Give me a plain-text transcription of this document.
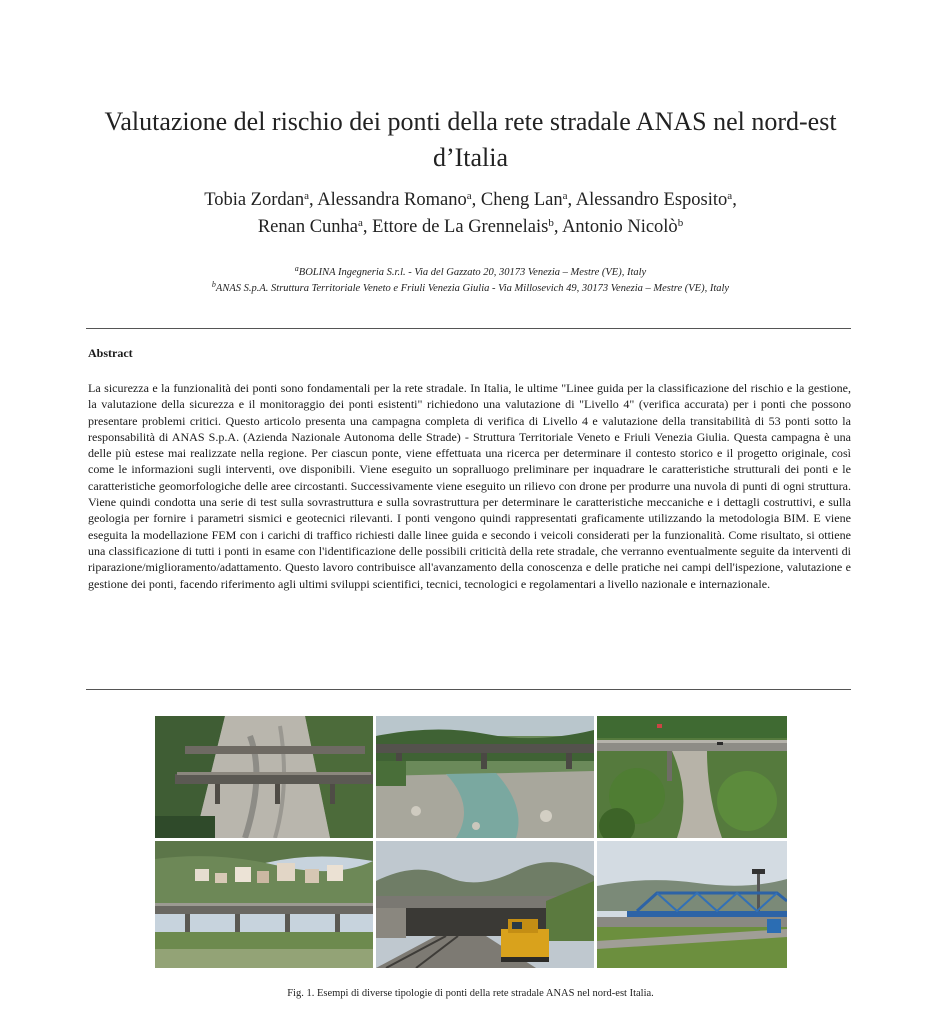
Valutazione del rischio dei ponti della rete stradale ANAS nel nord-est d’Italia
Tobia Zordan$^a$, Alessandra Romano$^a$, Cheng Lan$^a$, Alessandro Esposito$^a$,
Renan Cunha$^a$, Ettore de La Grennelais$^b$, Antonio Nicolò$^b$
$^a$BOLINA Ingegneria S.r.l. - Via del Gazzato 20, 30173 Venezia – Mestre (VE), Italy
$^b$ANAS S.p.A. Struttura Territoriale Veneto e Friuli Venezia Giulia - Via Millosevich 49, 30173 Venezia – Mestre (VE), Italy
Abstract
La sicurezza e la funzionalità dei ponti sono fondamentali per la rete stradale. In Italia, le ultime "Linee guida per la classificazione del rischio e la gestione, la valutazione della sicurezza e il monitoraggio dei ponti esistenti" richiedono una valutazione di "Livello 4" (verifica accurata) per i ponti che possono presentare problemi critici. Questo articolo presenta una campagna completa di verifica di Livello 4 e valutazione della transitabilità di 53 ponti sotto la responsabilità di ANAS S.p.A. (Azienda Nazionale Autonoma delle Strade) - Struttura Territoriale Veneto e Friuli Venezia Giulia. Questa campagna è una delle più estese mai realizzate nella regione. Per ciascun ponte, viene effettuata una ricerca per determinare il contesto storico e il progetto originale, così come le informazioni sugli interventi, ove disponibili. Viene eseguito un sopralluogo preliminare per inquadrare le caratteristiche strutturali dei ponti e le caratteristiche geomorfologiche delle aree circostanti. Successivamente viene eseguito un rilievo con drone per produrre una nuvola di punti di ogni struttura. Viene quindi condotta una serie di test sulla sovrastruttura e sulla sovrastruttura per determinare le caratteristiche meccaniche e i dettagli costruttivi, e sulla geologia per fornire i parametri sismici e geotecnici rilevanti. I ponti vengono quindi rappresentati graficamente utilizzando la metodologia BIM. E viene eseguita la modellazione FEM con i carichi di traffico richiesti dalle linee guida e secondo i veicoli considerati per la funzionalità. Come risultato, si ottiene una classificazione di tutti i ponti in esame con l'identificazione delle possibili criticità della rete stradale, che verranno eventualmente seguite da interventi di riparazione/miglioramento/adattamento. Questo lavoro contribuisce all'avanzamento della conoscenza e delle pratiche nei campi dell'ispezione, valutazione e gestione dei ponti, facendo riferimento agli ultimi sviluppi scientifici, tecnici, tecnologici e regolamentari a livello nazionale e internazionale.
Fig. 1. Esempi di diverse tipologie di ponti della rete stradale ANAS nel nord-est Italia.
